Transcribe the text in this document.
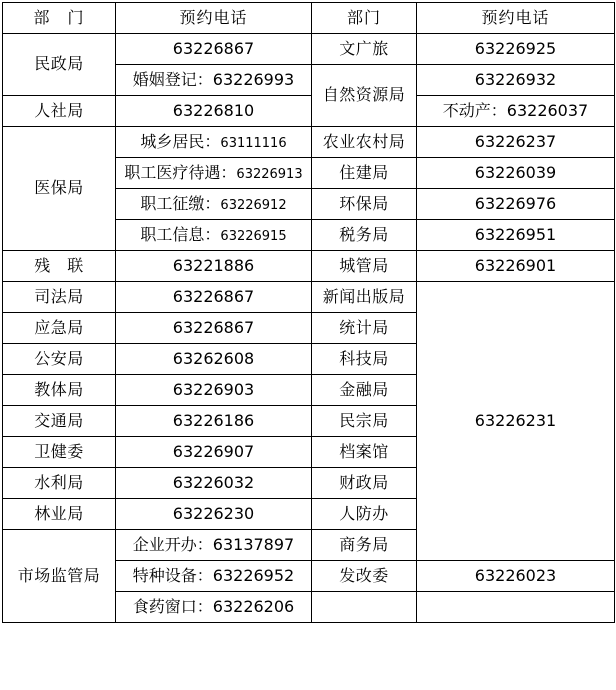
部　门	预约电话	部门	预约电话
民政局	63226867	文广旅	63226925
	婚姻登记：63226993	自然资源局	63226932
人社局	63226810		不动产：63226037
医保局	城乡居民：63111116	农业农村局	63226237
	职工医疗待遇：63226913	住建局	63226039
	职工征缴：63226912	环保局	63226976
	职工信息：63226915	税务局	63226951
残　联	63221886	城管局	63226901
司法局	63226867	新闻出版局	63226231
应急局	63226867	统计局	
公安局	63262608	科技局	
教体局	63226903	金融局	
交通局	63226186	民宗局	
卫健委	63226907	档案馆	
水利局	63226032	财政局	
林业局	63226230	人防办	
市场监管局	企业开办：63137897	商务局	
	特种设备：63226952	发改委	63226023
	食药窗口：63226206		
